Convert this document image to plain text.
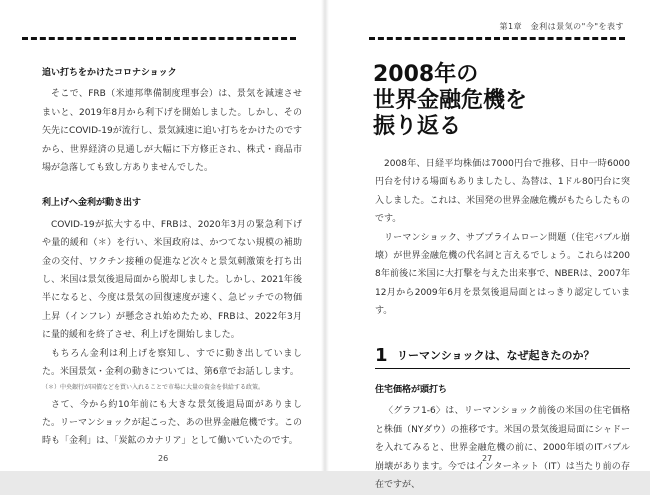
追い打ちをかけたコロナショック

そこで、FRB（米連邦準備制度理事会）は、景気を減速させまいと、2019年8月から利下げを開始しました。しかし、その矢先にCOVID-19が流行し、景気減速に追い打ちをかけたのですから、世界経済の見通しが大幅に下方修正され、株式・商品市場が急落しても致し方ありませんでした。

利上げへ金利が動き出す

COVID-19が拡大する中、FRBは、2020年3月の緊急利下げや量的緩和（＊）を行い、米国政府は、かつてない規模の補助金の交付、ワクチン接種の促進など次々と景気刺激策を打ち出し、米国は景気後退局面から脱却しました。しかし、2021年後半になると、今度は景気の回復速度が速く、急ピッチでの物価上昇（インフレ）が懸念され始めたため、FRBは、2022年3月に量的緩和を終了させ、利上げを開始しました。

もちろん金利は利上げを察知し、すでに動き出していました。米国景気・金利の動きについては、第6章でお話しします。

（＊）中央銀行が国債などを買い入れることで市場に大量の資金を供給する政策。

さて、今から約10年前にも大きな景気後退局面がありました。リーマンショックが起こった、あの世界金融危機です。この時も「金利」は、「炭鉱のカナリア」として働いていたのです。

26
第1章　金利は景気の"今"を表す
2008年の
世界金融危機を
振り返る

2008年、日経平均株価は7000円台で推移、日中一時6000円台を付ける場面もありましたし、為替は、1ドル80円台に突入しました。これは、米国発の世界金融危機がもたらしたものです。

リーマンショック、サブプライムローン問題（住宅バブル崩壊）が世界金融危機の代名詞と言えるでしょう。これらは2008年前後に米国に大打撃を与えた出来事で、NBERは、2007年12月から2009年6月を景気後退局面とはっきり認定しています。

1 リーマンショックは、なぜ起きたのか？
住宅価格が頭打ち

〈グラフ1-6〉は、リーマンショック前後の米国の住宅価格と株価（NYダウ）の推移です。米国の景気後退局面にシャドーを入れてみると、世界金融危機の前に、2000年頃のITバブル崩壊があります。今ではインターネット（IT）は当たり前の存在ですが、

27
